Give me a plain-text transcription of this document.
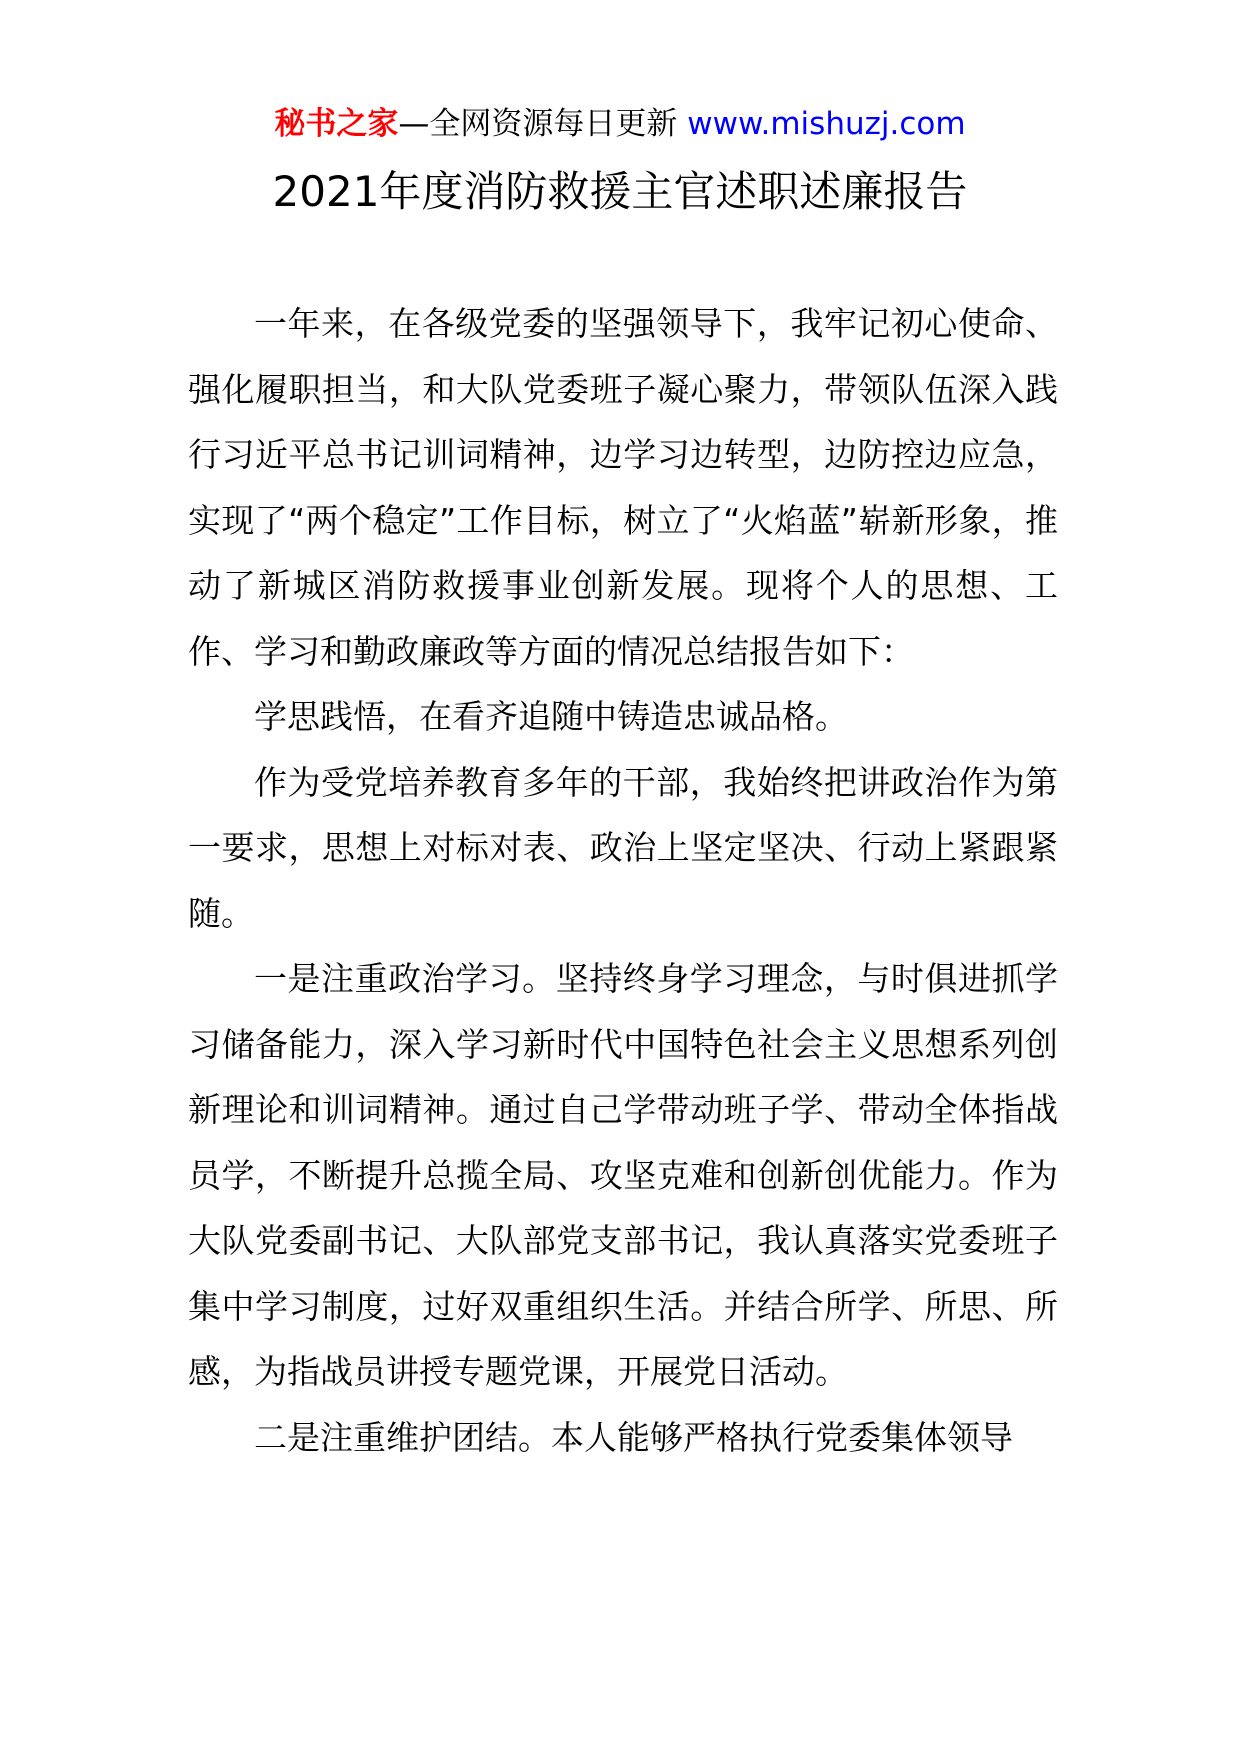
秘书之家—全网资源每日更新 www.mishuzj.com
2021年度消防救援主官述职述廉报告

一年来，在各级党委的坚强领导下，我牢记初心使命、强化履职担当，和大队党委班子凝心聚力，带领队伍深入践行习近平总书记训词精神，边学习边转型，边防控边应急，实现了“两个稳定”工作目标，树立了“火焰蓝”崭新形象，推动了新城区消防救援事业创新发展。现将个人的思想、工作、学习和勤政廉政等方面的情况总结报告如下：

学思践悟，在看齐追随中铸造忠诚品格。

作为受党培养教育多年的干部，我始终把讲政治作为第一要求，思想上对标对表、政治上坚定坚决、行动上紧跟紧随。

一是注重政治学习。坚持终身学习理念，与时俱进抓学习储备能力，深入学习新时代中国特色社会主义思想系列创新理论和训词精神。通过自己学带动班子学、带动全体指战员学，不断提升总揽全局、攻坚克难和创新创优能力。作为大队党委副书记、大队部党支部书记，我认真落实党委班子集中学习制度，过好双重组织生活。并结合所学、所思、所感，为指战员讲授专题党课，开展党日活动。

二是注重维护团结。本人能够严格执行党委集体领导
